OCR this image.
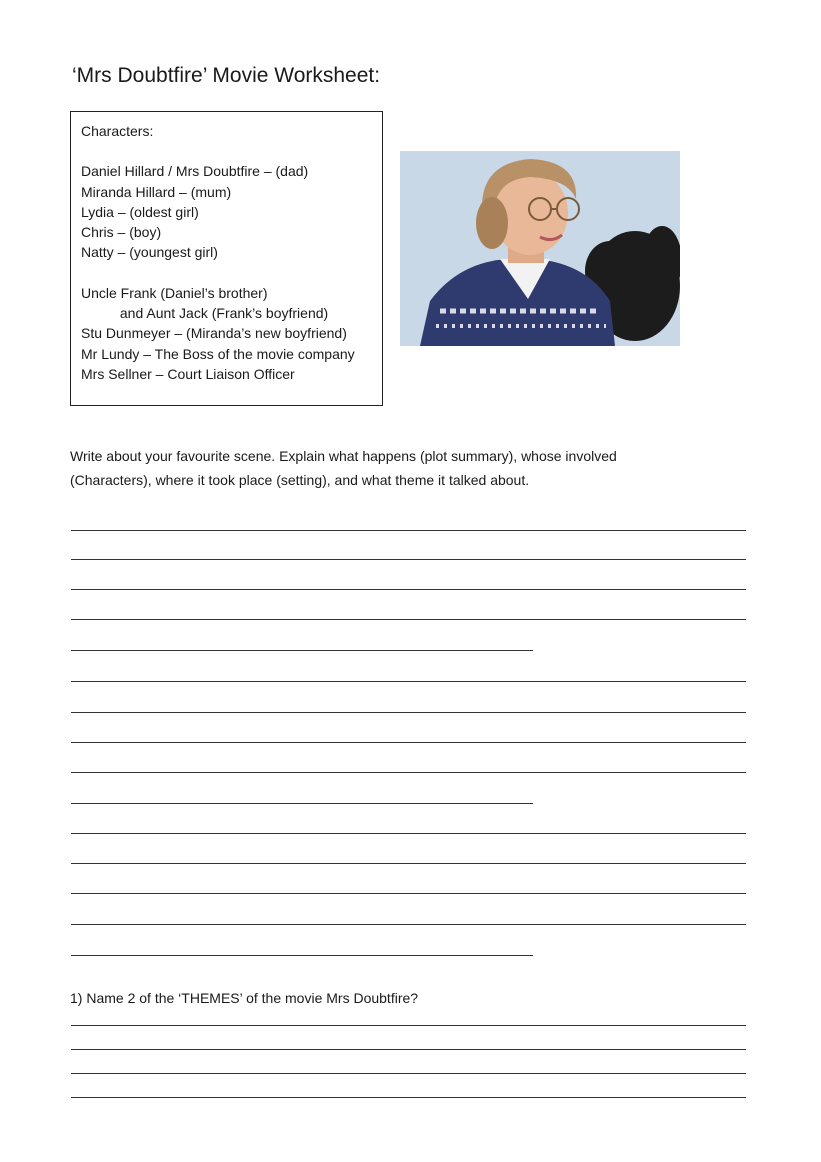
‘Mrs Doubtfire’ Movie Worksheet:
Characters:
Daniel Hillard / Mrs Doubtfire – (dad)
Miranda Hillard – (mum)
Lydia – (oldest girl)
Chris – (boy)
Natty – (youngest girl)
Uncle Frank (Daniel’s brother)
and Aunt Jack (Frank’s boyfriend)
Stu Dunmeyer – (Miranda’s new boyfriend)
Mr Lundy – The Boss of the movie company
Mrs Sellner – Court Liaison Officer
Write about your favourite scene. Explain what happens (plot summary), whose involved
(Characters), where it took place (setting), and what theme it talked about.
1) Name 2 of the ‘THEMES’ of the movie Mrs Doubtfire?
